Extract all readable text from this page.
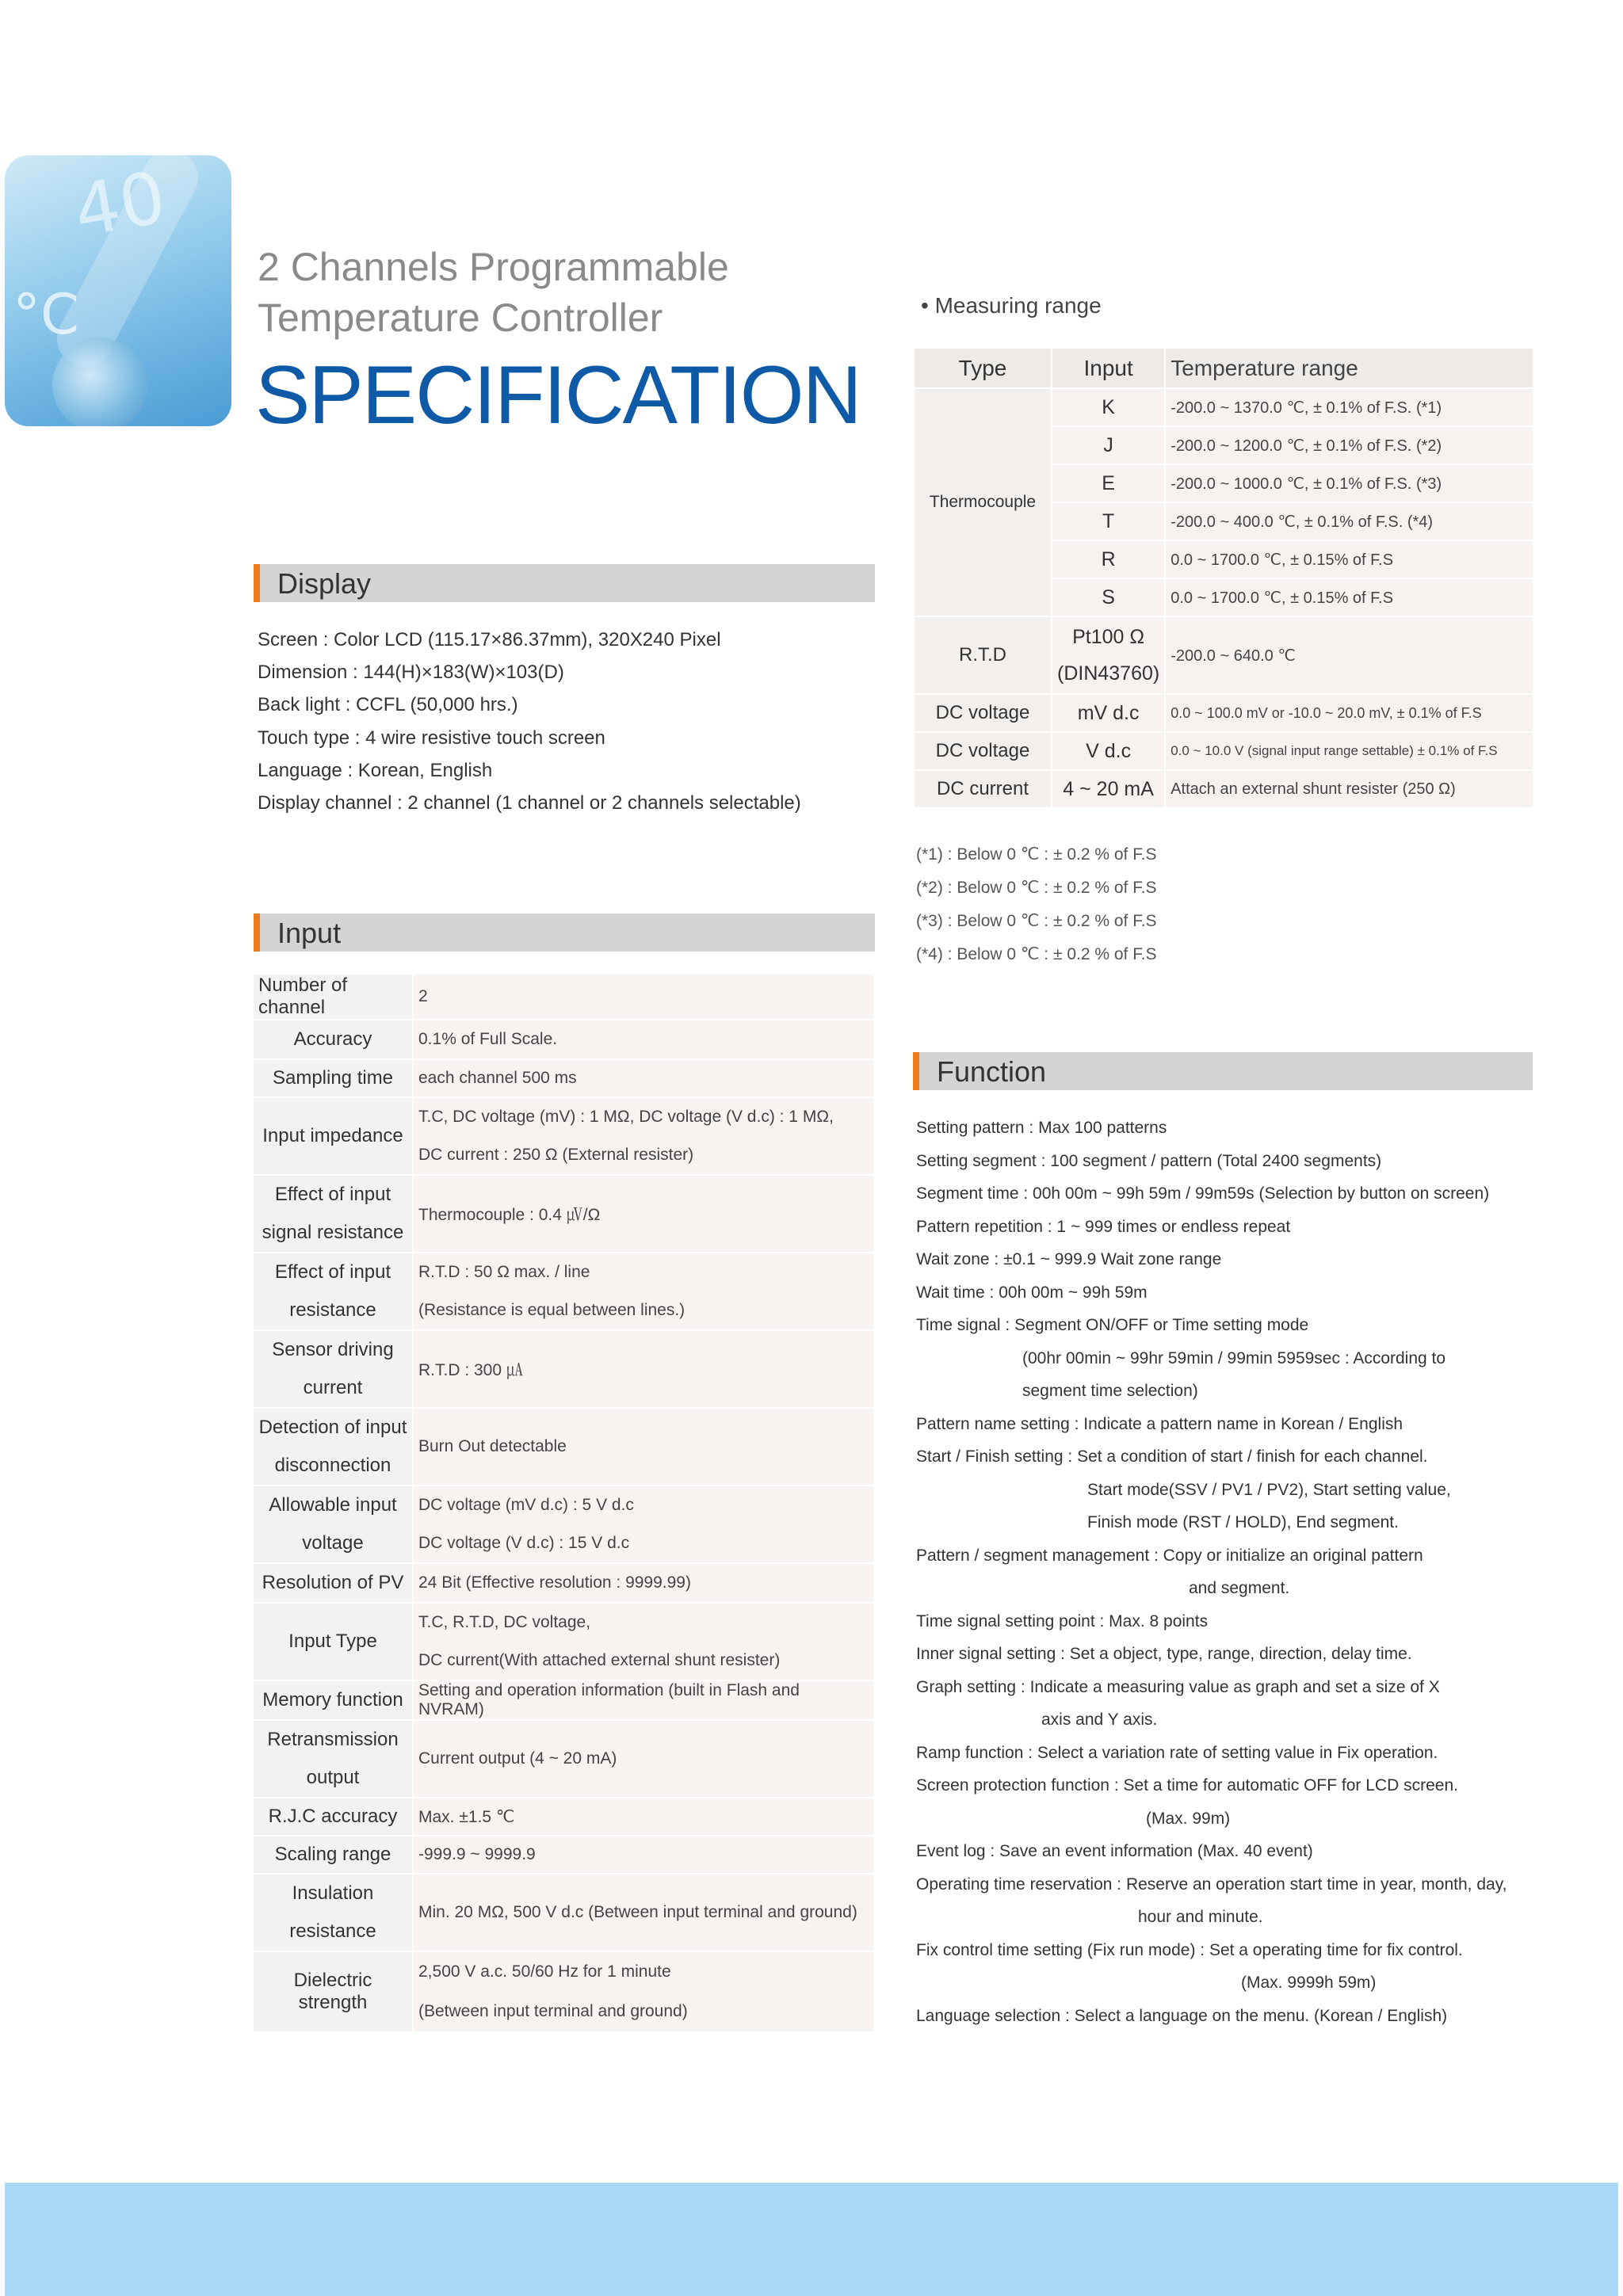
40
°C
2 Channels Programmable
Temperature Controller
SPECIFICATION
Display
Screen : Color LCD (115.17×86.37mm), 320X240 Pixel
Dimension : 144(H)×183(W)×103(D)
Back light : CCFL (50,000 hrs.)
Touch type : 4 wire resistive touch screen
Language : Korean, English
Display channel : 2 channel (1 channel or 2 channels selectable)
Input
Number of channel	2
Accuracy	0.1% of Full Scale.
Sampling time	each channel 500 ms
Input impedance	T.C, DC voltage (mV) : 1 MΩ, DC voltage (V d.c) : 1 MΩ,
DC current : 250 Ω (External resister)

Effect of input signal resistance	Thermocouple : 0.4 ㎶/Ω
Effect of input resistance	R.T.D : 50 Ω max. / line
(Resistance is equal between lines.)

Sensor driving current	R.T.D : 300 ㎂
Detection of input disconnection	Burn Out detectable
Allowable input voltage	DC voltage (mV d.c) : 5 V d.c
DC voltage (V d.c) : 15 V d.c

Resolution of PV	24 Bit (Effective resolution : 9999.99)
Input Type	T.C, R.T.D, DC voltage,
DC current(With attached external shunt resister)

Memory function	Setting and operation information (built in Flash and NVRAM)
Retransmission output	Current output (4 ~ 20 mA)
R.J.C accuracy	Max. ±1.5 ℃
Scaling range	-999.9 ~ 9999.9
Insulation resistance	Min. 20 MΩ, 500 V d.c (Between input terminal and ground)
Dielectric strength	2,500 V a.c. 50/60 Hz for 1 minute
(Between input terminal and ground)
• Measuring range
Type	Input	Temperature range
Thermocouple	K	-200.0 ~ 1370.0 ℃, ± 0.1% of F.S. (*1)
	J	-200.0 ~ 1200.0 ℃, ± 0.1% of F.S. (*2)
	E	-200.0 ~ 1000.0 ℃, ± 0.1% of F.S. (*3)
	T	-200.0 ~ 400.0 ℃, ± 0.1% of F.S. (*4)
	R	0.0 ~ 1700.0 ℃, ± 0.15% of F.S
	S	0.0 ~ 1700.0 ℃, ± 0.15% of F.S
R.T.D	Pt100 Ω (DIN43760)	-200.0 ~ 640.0 ℃
DC voltage	mV d.c	0.0 ~ 100.0 mV or -10.0 ~ 20.0 mV, ± 0.1% of F.S
DC voltage	V d.c	0.0 ~ 10.0 V (signal input range settable) ± 0.1% of F.S
DC current	4 ~ 20 mA	Attach an external shunt resister (250 Ω)
(*1) : Below 0 ℃ : ± 0.2 % of F.S
(*2) : Below 0 ℃ : ± 0.2 % of F.S
(*3) : Below 0 ℃ : ± 0.2 % of F.S
(*4) : Below 0 ℃ : ± 0.2 % of F.S
Function
Setting pattern : Max 100 patterns
Setting segment : 100 segment / pattern (Total 2400 segments)
Segment time : 00h 00m ~ 99h 59m / 99m59s (Selection by button on screen)
Pattern repetition : 1 ~ 999 times or endless repeat
Wait zone : ±0.1 ~ 999.9 Wait zone range
Wait time : 00h 00m ~ 99h 59m
Time signal : Segment ON/OFF or Time setting mode
(00hr 00min ~ 99hr 59min / 99min 5959sec : According to
segment time selection)
Pattern name setting : Indicate a pattern name in Korean / English
Start / Finish setting : Set a condition of start / finish for each channel.
Start mode(SSV / PV1 / PV2), Start setting value,
Finish mode (RST / HOLD), End segment.
Pattern / segment management : Copy or initialize an original pattern
and segment.
Time signal setting point : Max. 8 points
Inner signal setting : Set a object, type, range, direction, delay time.
Graph setting : Indicate a measuring value as graph and set a size of X
axis and Y axis.
Ramp function : Select a variation rate of setting value in Fix operation.
Screen protection function : Set a time for automatic OFF for LCD screen.
(Max. 99m)
Event log : Save an event information (Max. 40 event)
Operating time reservation : Reserve an operation start time in year, month, day,
hour and minute.
Fix control time setting (Fix run mode) : Set a operating time for fix control.
(Max. 9999h 59m)
Language selection : Select a language on the menu. (Korean / English)
